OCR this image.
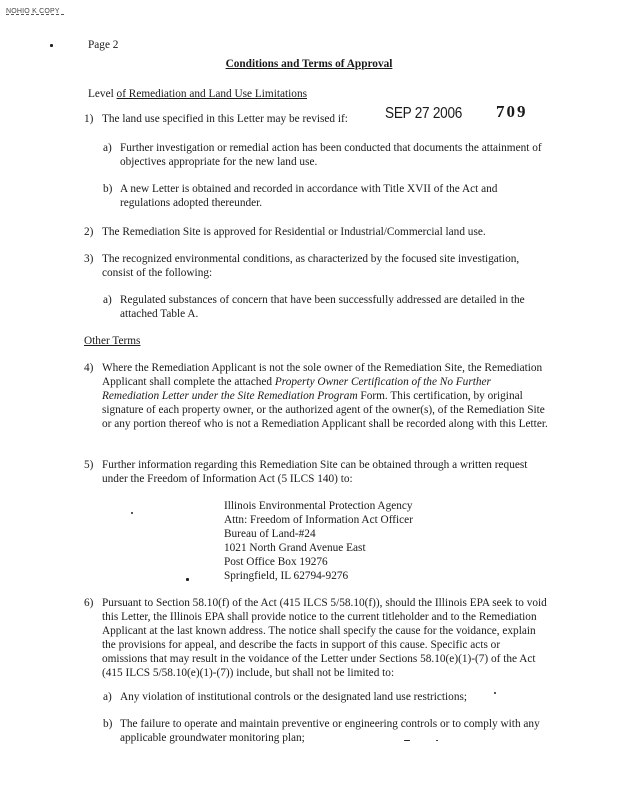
NOHIO K COPY
Page 2
Conditions and Terms of Approval
Level of Remediation and Land Use Limitations
SEP 27 2006 709
1) The land use specified in this Letter may be revised if:
a) Further investigation or remedial action has been conducted that documents the attainment of objectives appropriate for the new land use.
b) A new Letter is obtained and recorded in accordance with Title XVII of the Act and regulations adopted thereunder.
2) The Remediation Site is approved for Residential or Industrial/Commercial land use.
3) The recognized environmental conditions, as characterized by the focused site investigation, consist of the following:
a) Regulated substances of concern that have been successfully addressed are detailed in the attached Table A.
Other Terms
4) Where the Remediation Applicant is not the sole owner of the Remediation Site, the Remediation Applicant shall complete the attached Property Owner Certification of the No Further Remediation Letter under the Site Remediation Program Form. This certification, by original signature of each property owner, or the authorized agent of the owner(s), of the Remediation Site or any portion thereof who is not a Remediation Applicant shall be recorded along with this Letter.
5) Further information regarding this Remediation Site can be obtained through a written request under the Freedom of Information Act (5 ILCS 140) to:
Illinois Environmental Protection Agency
Attn: Freedom of Information Act Officer
Bureau of Land-#24
1021 North Grand Avenue East
Post Office Box 19276
Springfield, IL 62794-9276
6) Pursuant to Section 58.10(f) of the Act (415 ILCS 5/58.10(f)), should the Illinois EPA seek to void this Letter, the Illinois EPA shall provide notice to the current titleholder and to the Remediation Applicant at the last known address. The notice shall specify the cause for the voidance, explain the provisions for appeal, and describe the facts in support of this cause. Specific acts or omissions that may result in the voidance of the Letter under Sections 58.10(e)(1)-(7) of the Act (415 ILCS 5/58.10(e)(1)-(7)) include, but shall not be limited to:
a) Any violation of institutional controls or the designated land use restrictions;
b) The failure to operate and maintain preventive or engineering controls or to comply with any applicable groundwater monitoring plan;
